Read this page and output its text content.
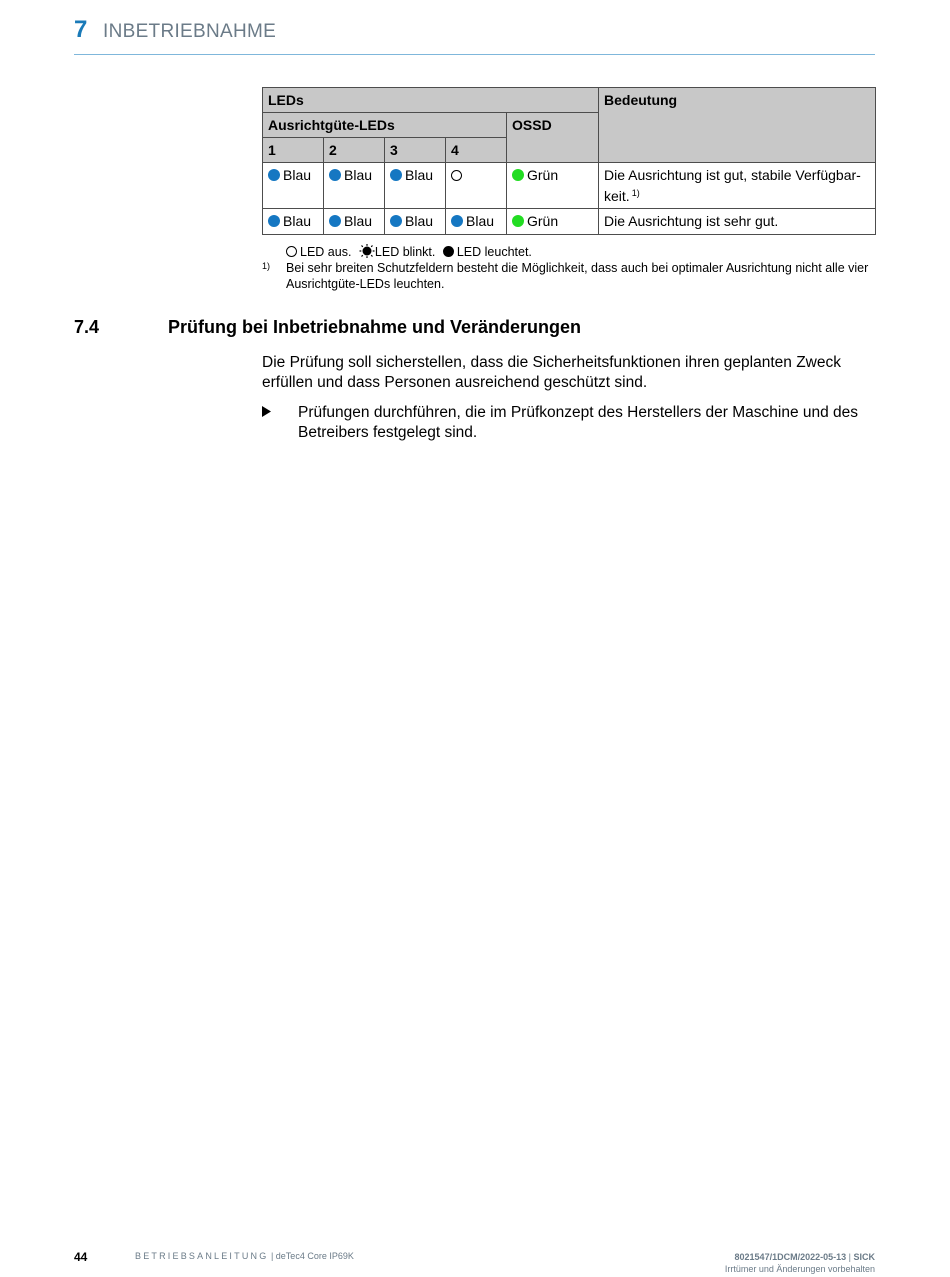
7 INBETRIEBNAHME
LEDs					Bedeutung
Ausrichtgüte-LEDs				OSSD	
1	2	3	4		
Blau	Blau	Blau		Grün	Die Ausrichtung ist gut, stabile Verfügbar-
keit. $^{1)}$
Blau	Blau	Blau	Blau	Grün	Die Ausrichtung ist sehr gut.
LED aus. LED blinkt. LED leuchtet.
1) Bei sehr breiten Schutzfeldern besteht die Möglichkeit, dass auch bei optimaler Ausrichtung nicht alle vier Ausrichtgüte-LEDs leuchten.
7.4	Prüfung bei Inbetriebnahme und Veränderungen
Die Prüfung soll sicherstellen, dass die Sicherheitsfunktionen ihren geplanten Zweck erfüllen und dass Personen ausreichend geschützt sind.
Prüfungen durchführen, die im Prüfkonzept des Herstellers der Maschine und des Betreibers festgelegt sind.
44	BETRIEBSANLEITUNG | deTec4 Core IP69K	8021547/1DCM/2022-05-13 | SICK
Irrtümer und Änderungen vorbehalten
